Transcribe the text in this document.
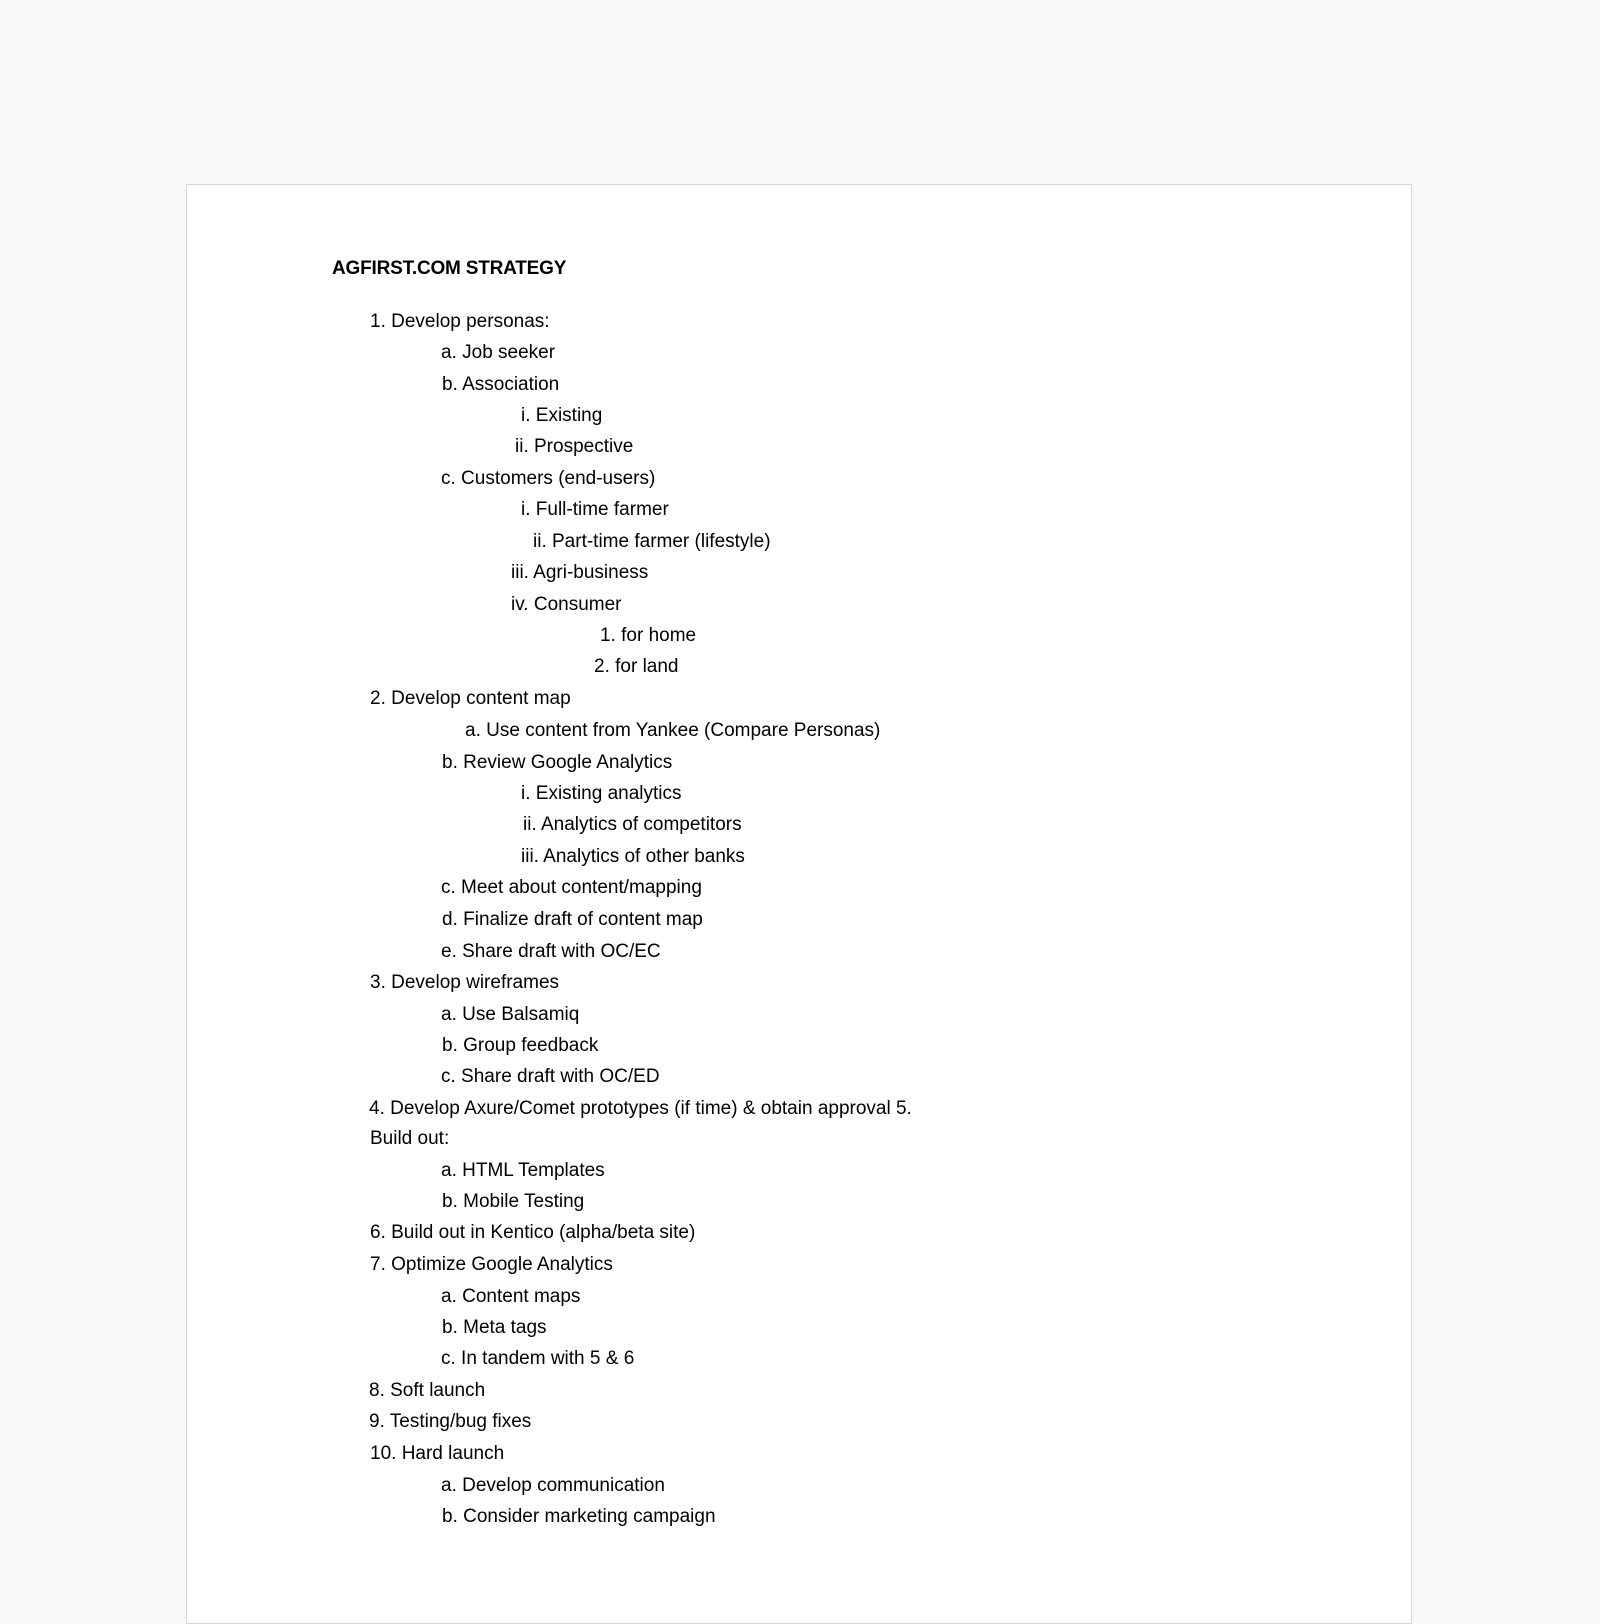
AGFIRST.COM STRATEGY
1. Develop personas:
a. Job seeker
b. Association
i. Existing
ii. Prospective
c. Customers (end-users)
i. Full-time farmer
ii. Part-time farmer (lifestyle)
iii. Agri-business
iv. Consumer
1. for home
2. for land
2. Develop content map
a. Use content from Yankee (Compare Personas)
b. Review Google Analytics
i. Existing analytics
ii. Analytics of competitors
iii. Analytics of other banks
c. Meet about content/mapping
d. Finalize draft of content map
e. Share draft with OC/EC
3. Develop wireframes
a. Use Balsamiq
b. Group feedback
c. Share draft with OC/ED
4. Develop Axure/Comet prototypes (if time) & obtain approval 5.
Build out:
a. HTML Templates
b. Mobile Testing
6. Build out in Kentico (alpha/beta site)
7. Optimize Google Analytics
a. Content maps
b. Meta tags
c. In tandem with 5 & 6
8. Soft launch
9. Testing/bug fixes
10. Hard launch
a. Develop communication
b. Consider marketing campaign
